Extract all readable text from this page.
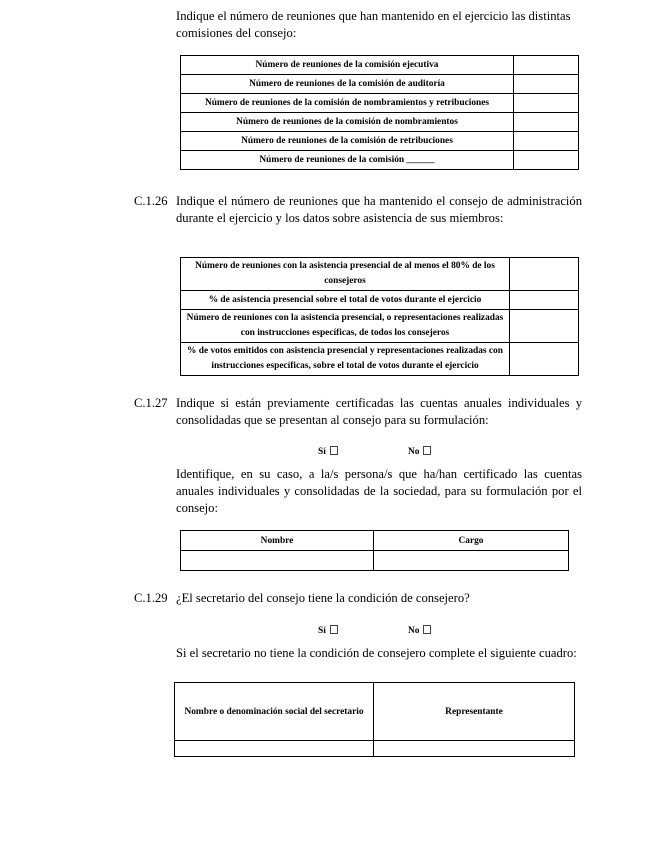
Indique el número de reuniones que han mantenido en el ejercicio las distintas comisiones del consejo:
Número de reuniones de la comisión ejecutiva	
Número de reuniones de la comisión de auditoría	
Número de reuniones de la comisión de nombramientos y retribuciones	
Número de reuniones de la comisión de nombramientos	
Número de reuniones de la comisión de retribuciones	
Número de reuniones de la comisión ______	
C.1.26 Indique el número de reuniones que ha mantenido el consejo de administración durante el ejercicio y los datos sobre asistencia de sus miembros:
Número de reuniones con la asistencia presencial de al menos el 80% de los consejeros	
% de asistencia presencial sobre el total de votos durante el ejercicio	
Número de reuniones con la asistencia presencial, o representaciones realizadas con instrucciones específicas, de todos los consejeros	
% de votos emitidos con asistencia presencial y representaciones realizadas con instrucciones específicas, sobre el total de votos durante el ejercicio	
C.1.27 Indique si están previamente certificadas las cuentas anuales individuales y consolidadas que se presentan al consejo para su formulación:
Sí	No
Identifique, en su caso, a la/s persona/s que ha/han certificado las cuentas anuales individuales y consolidadas de la sociedad, para su formulación por el consejo:
Nombre	Cargo

C.1.29 ¿El secretario del consejo tiene la condición de consejero?
Sí	No
Si el secretario no tiene la condición de consejero complete el siguiente cuadro:
Nombre o denominación social del secretario	Representante
